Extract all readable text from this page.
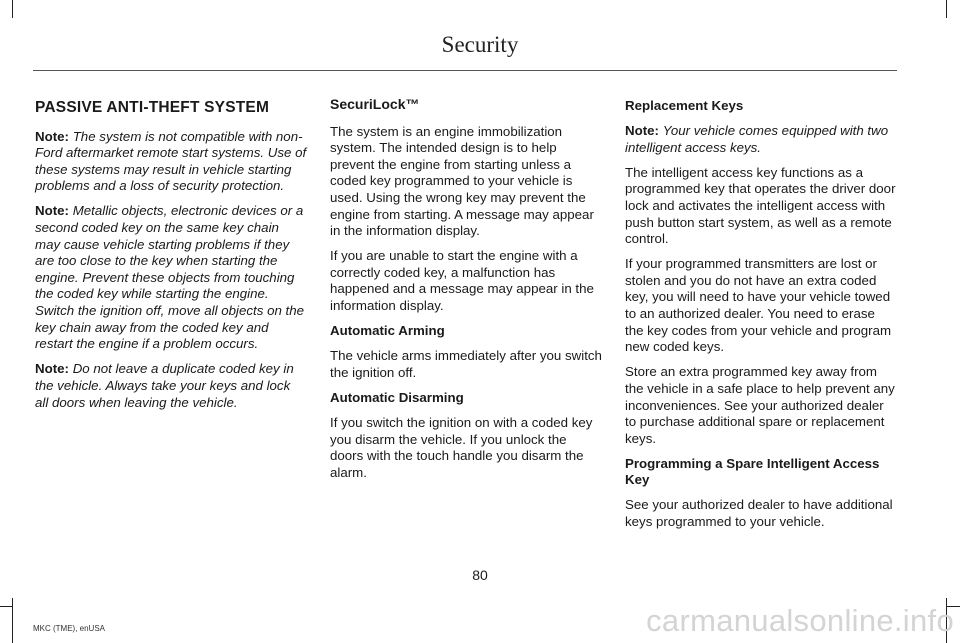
Security
PASSIVE ANTI-THEFT SYSTEM

Note: The system is not compatible with non-Ford aftermarket remote start systems. Use of these systems may result in vehicle starting problems and a loss of security protection.

Note: Metallic objects, electronic devices or a second coded key on the same key chain may cause vehicle starting problems if they are too close to the key when starting the engine. Prevent these objects from touching the coded key while starting the engine. Switch the ignition off, move all objects on the key chain away from the coded key and restart the engine if a problem occurs.

Note: Do not leave a duplicate coded key in the vehicle. Always take your keys and lock all doors when leaving the vehicle.

SecuriLock™

The system is an engine immobilization system. The intended design is to help prevent the engine from starting unless a coded key programmed to your vehicle is used. Using the wrong key may prevent the engine from starting. A message may appear in the information display.

If you are unable to start the engine with a correctly coded key, a malfunction has happened and a message may appear in the information display.

Automatic Arming

The vehicle arms immediately after you switch the ignition off.

Automatic Disarming

If you switch the ignition on with a coded key you disarm the vehicle. If you unlock the doors with the touch handle you disarm the alarm.

Replacement Keys

Note: Your vehicle comes equipped with two intelligent access keys.

The intelligent access key functions as a programmed key that operates the driver door lock and activates the intelligent access with push button start system, as well as a remote control.

If your programmed transmitters are lost or stolen and you do not have an extra coded key, you will need to have your vehicle towed to an authorized dealer. You need to erase the key codes from your vehicle and program new coded keys.

Store an extra programmed key away from the vehicle in a safe place to help prevent any inconveniences. See your authorized dealer to purchase additional spare or replacement keys.

Programming a Spare Intelligent Access Key

See your authorized dealer to have additional keys programmed to your vehicle.

80
MKC (TME), enUSA	carmanualsonline.info
